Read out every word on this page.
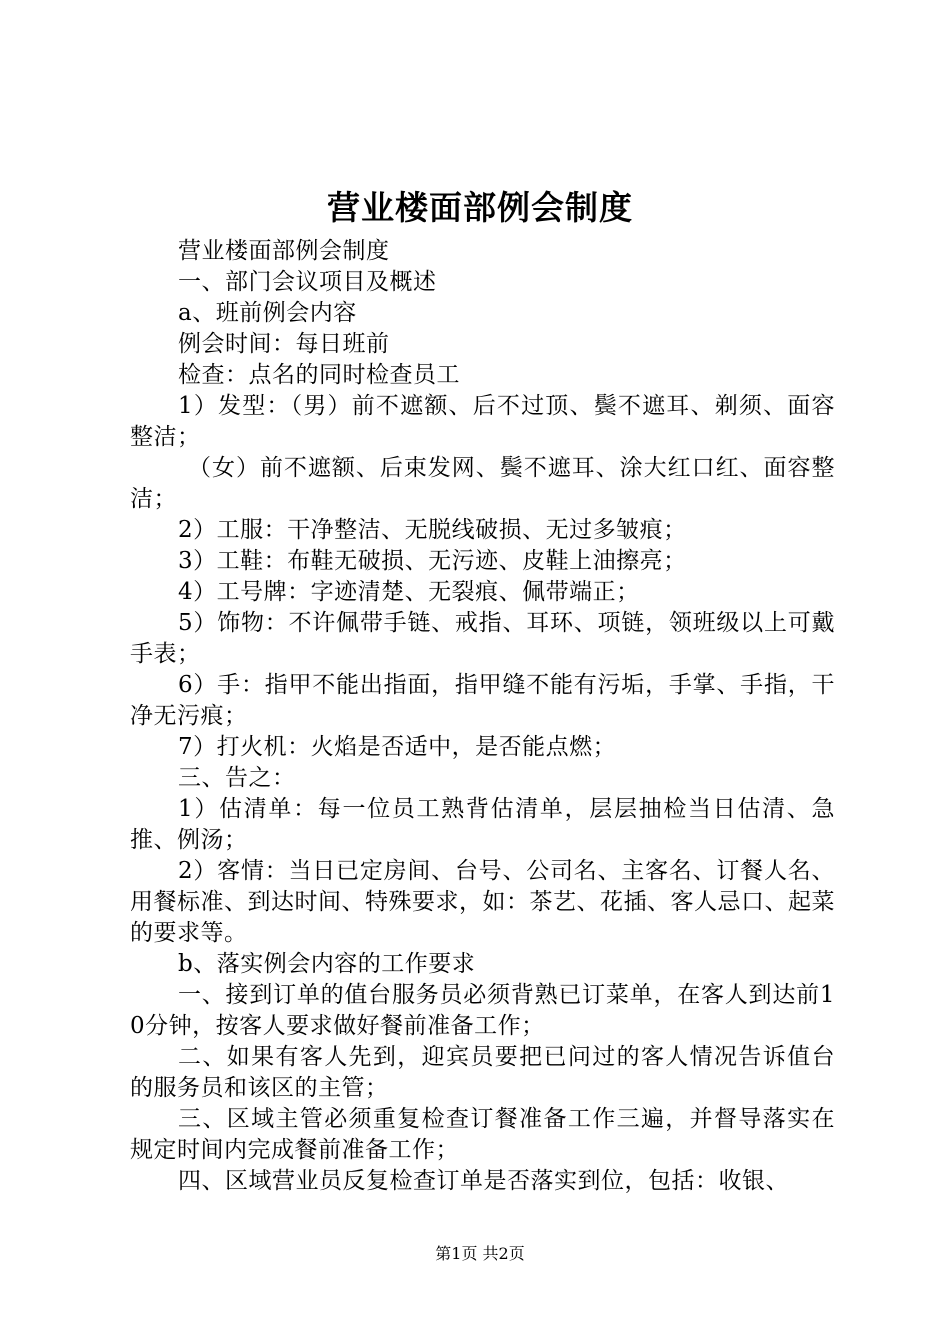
营业楼面部例会制度

营业楼面部例会制度

一、部门会议项目及概述

a、班前例会内容

例会时间：每日班前

检查：点名的同时检查员工

1）发型：（男）前不遮额、后不过顶、鬓不遮耳、剃须、面容整洁；

（女）前不遮额、后束发网、鬓不遮耳、涂大红口红、面容整洁；

2）工服：干净整洁、无脱线破损、无过多皱痕；

3）工鞋：布鞋无破损、无污迹、皮鞋上油擦亮；

4）工号牌：字迹清楚、无裂痕、佩带端正；

5）饰物：不许佩带手链、戒指、耳环、项链，领班级以上可戴手表；

6）手：指甲不能出指面，指甲缝不能有污垢，手掌、手指，干净无污痕；

7）打火机：火焰是否适中，是否能点燃；

三、告之：

1）估清单：每一位员工熟背估清单，层层抽检当日估清、急推、例汤；

2）客情：当日已定房间、台号、公司名、主客名、订餐人名、用餐标准、到达时间、特殊要求，如：茶艺、花插、客人忌口、起菜的要求等。

b、落实例会内容的工作要求

一、接到订单的值台服务员必须背熟已订菜单，在客人到达前10分钟，按客人要求做好餐前准备工作；

二、如果有客人先到，迎宾员要把已问过的客人情况告诉值台的服务员和该区的主管；

三、区域主管必须重复检查订餐准备工作三遍，并督导落实在规定时间内完成餐前准备工作；

四、区域营业员反复检查订单是否落实到位，包括：收银、

第1页 共2页
